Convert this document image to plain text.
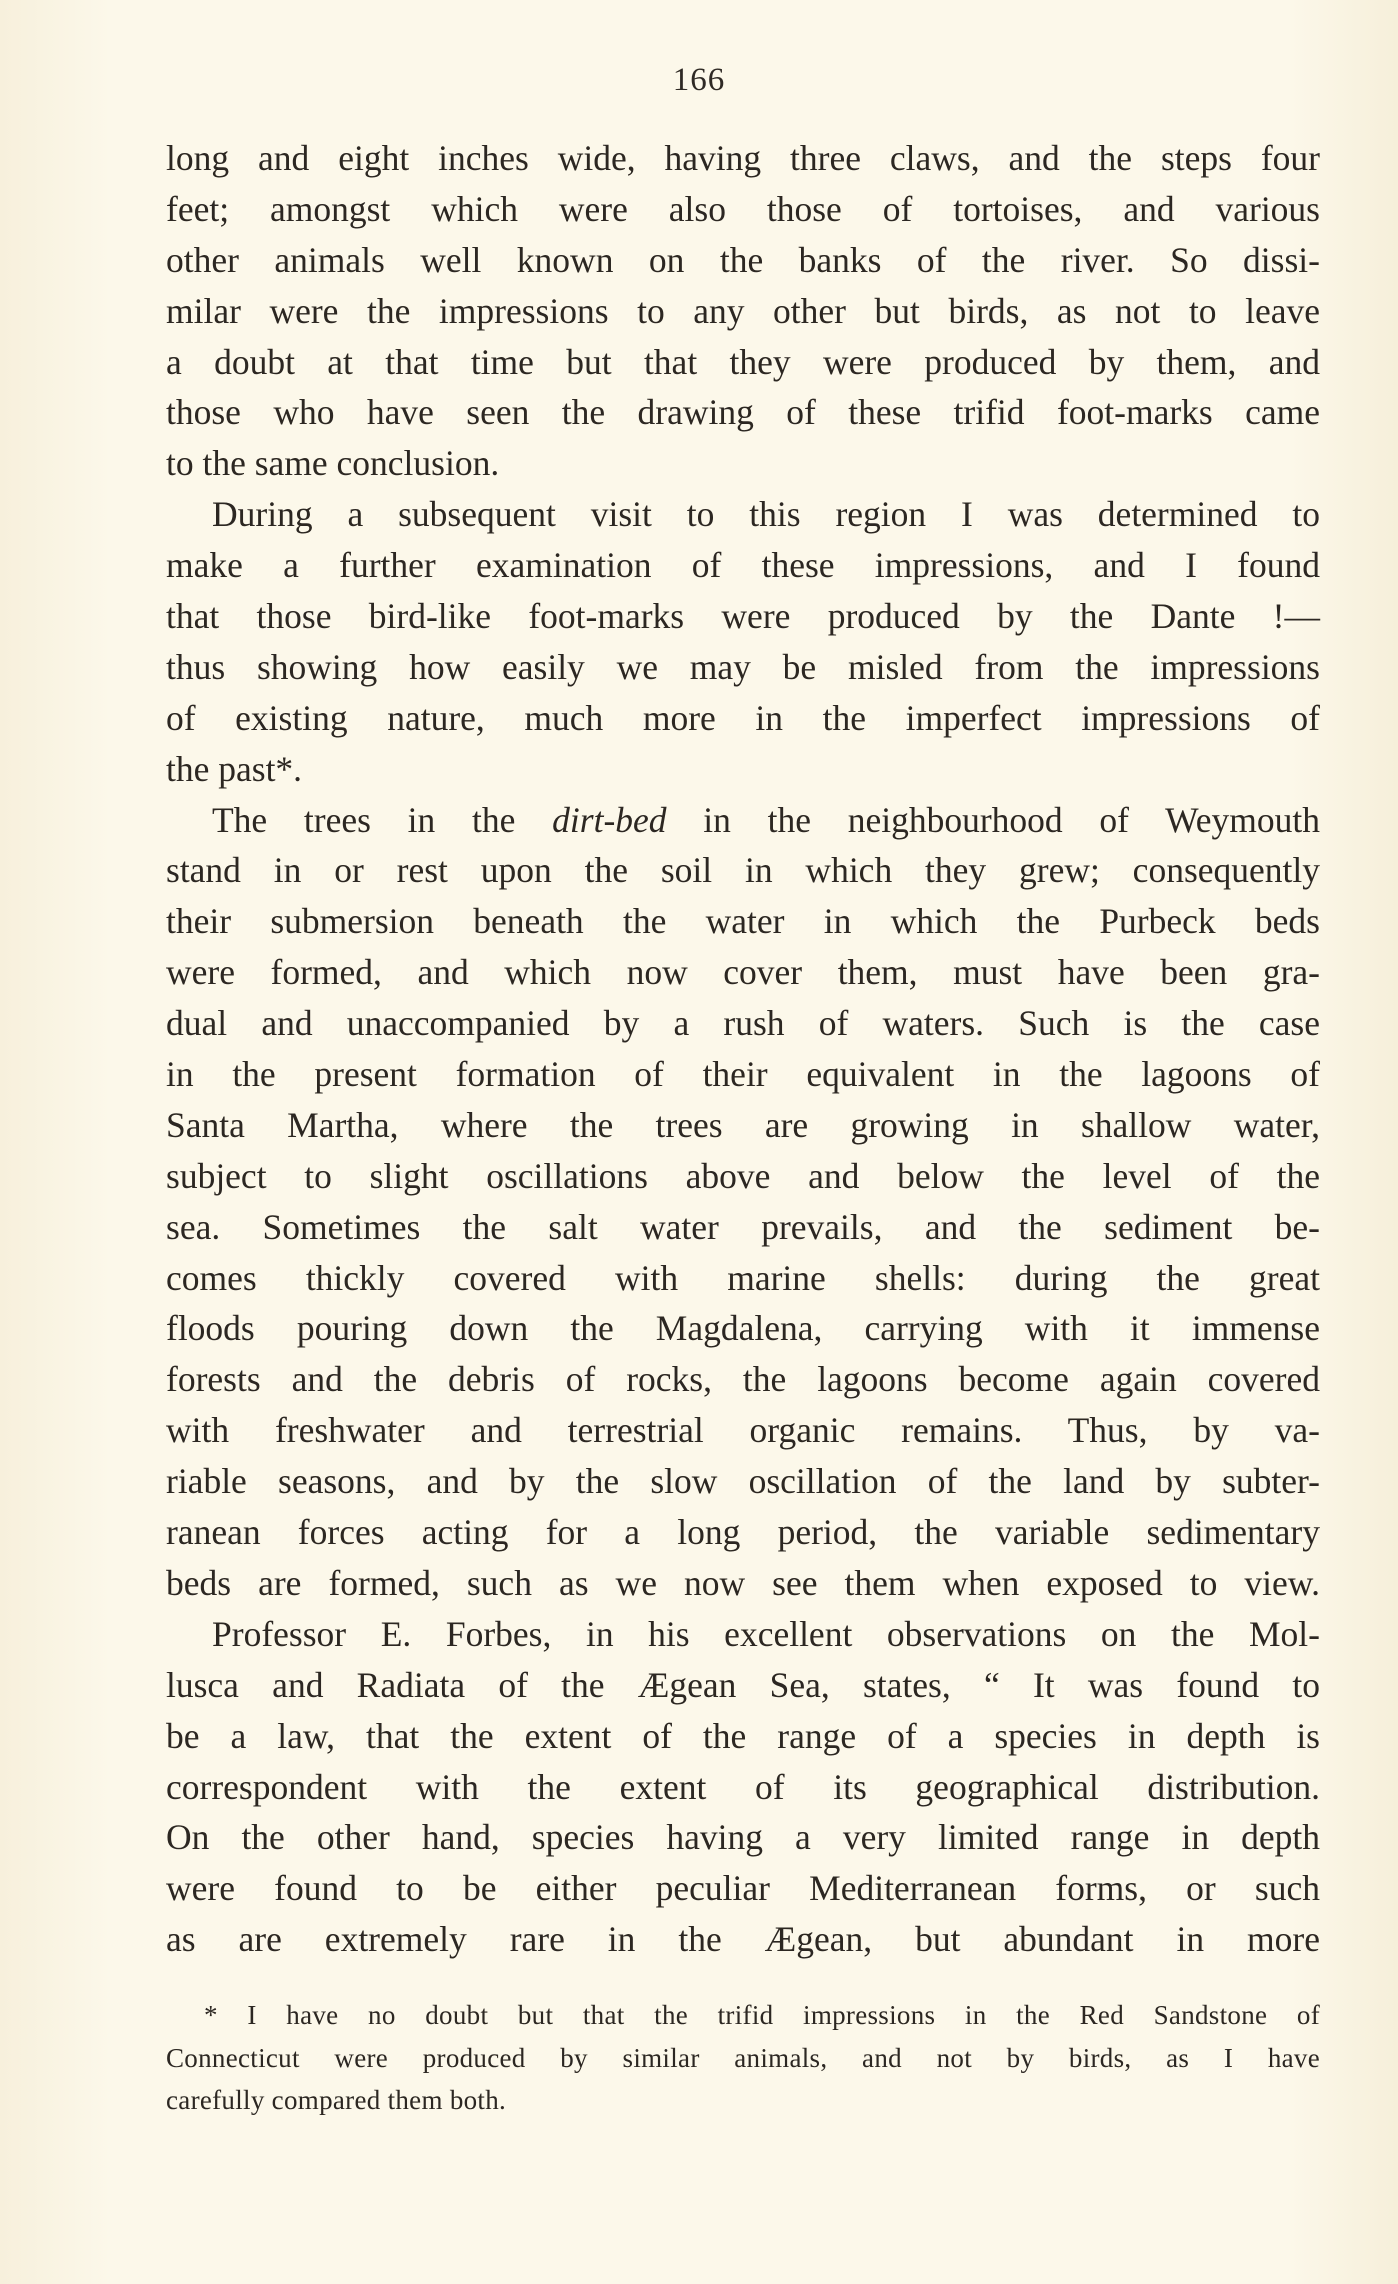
166
long and eight inches wide, having three claws, and the steps four
feet; amongst which were also those of tortoises, and various
other animals well known on the banks of the river. So dissi-
milar were the impressions to any other but birds, as not to leave
a doubt at that time but that they were produced by them, and
those who have seen the drawing of these trifid foot-marks came
to the same conclusion.
During a subsequent visit to this region I was determined to
make a further examination of these impressions, and I found
that those bird-like foot-marks were produced by the Dante !—
thus showing how easily we may be misled from the impressions
of existing nature, much more in the imperfect impressions of
the past*.
The trees in the dirt-bed in the neighbourhood of Weymouth
stand in or rest upon the soil in which they grew; consequently
their submersion beneath the water in which the Purbeck beds
were formed, and which now cover them, must have been gra-
dual and unaccompanied by a rush of waters. Such is the case
in the present formation of their equivalent in the lagoons of
Santa Martha, where the trees are growing in shallow water,
subject to slight oscillations above and below the level of the
sea. Sometimes the salt water prevails, and the sediment be-
comes thickly covered with marine shells: during the great
floods pouring down the Magdalena, carrying with it immense
forests and the debris of rocks, the lagoons become again covered
with freshwater and terrestrial organic remains. Thus, by va-
riable seasons, and by the slow oscillation of the land by subter-
ranean forces acting for a long period, the variable sedimentary
beds are formed, such as we now see them when exposed to view.
Professor E. Forbes, in his excellent observations on the Mol-
lusca and Radiata of the Ægean Sea, states, “ It was found to
be a law, that the extent of the range of a species in depth is
correspondent with the extent of its geographical distribution.
On the other hand, species having a very limited range in depth
were found to be either peculiar Mediterranean forms, or such
as are extremely rare in the Ægean, but abundant in more
* I have no doubt but that the trifid impressions in the Red Sandstone of
Connecticut were produced by similar animals, and not by birds, as I have
carefully compared them both.
